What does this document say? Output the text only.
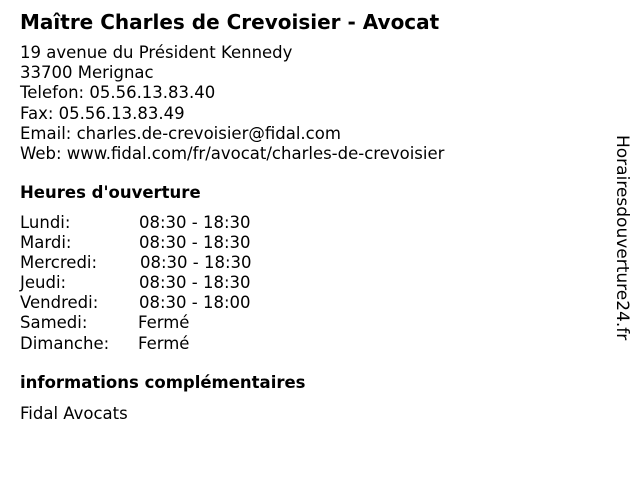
Maître Charles de Crevoisier - Avocat
19 avenue du Président Kennedy
33700 Merignac
Telefon: 05.56.13.83.40
Fax: 05.56.13.83.49
Email: charles.de-crevoisier@fidal.com
Web: www.fidal.com/fr/avocat/charles-de-crevoisier
Heures d'ouverture
Lundi:	08:30 - 18:30
Mardi:	08:30 - 18:30
Mercredi:	08:30 - 18:30
Jeudi:	08:30 - 18:30
Vendredi: 08:30 - 18:00
Samedi:	Fermé
Dimanche: Fermé
informations complémentaires
Fidal Avocats
Horairesdouverture24.fr
